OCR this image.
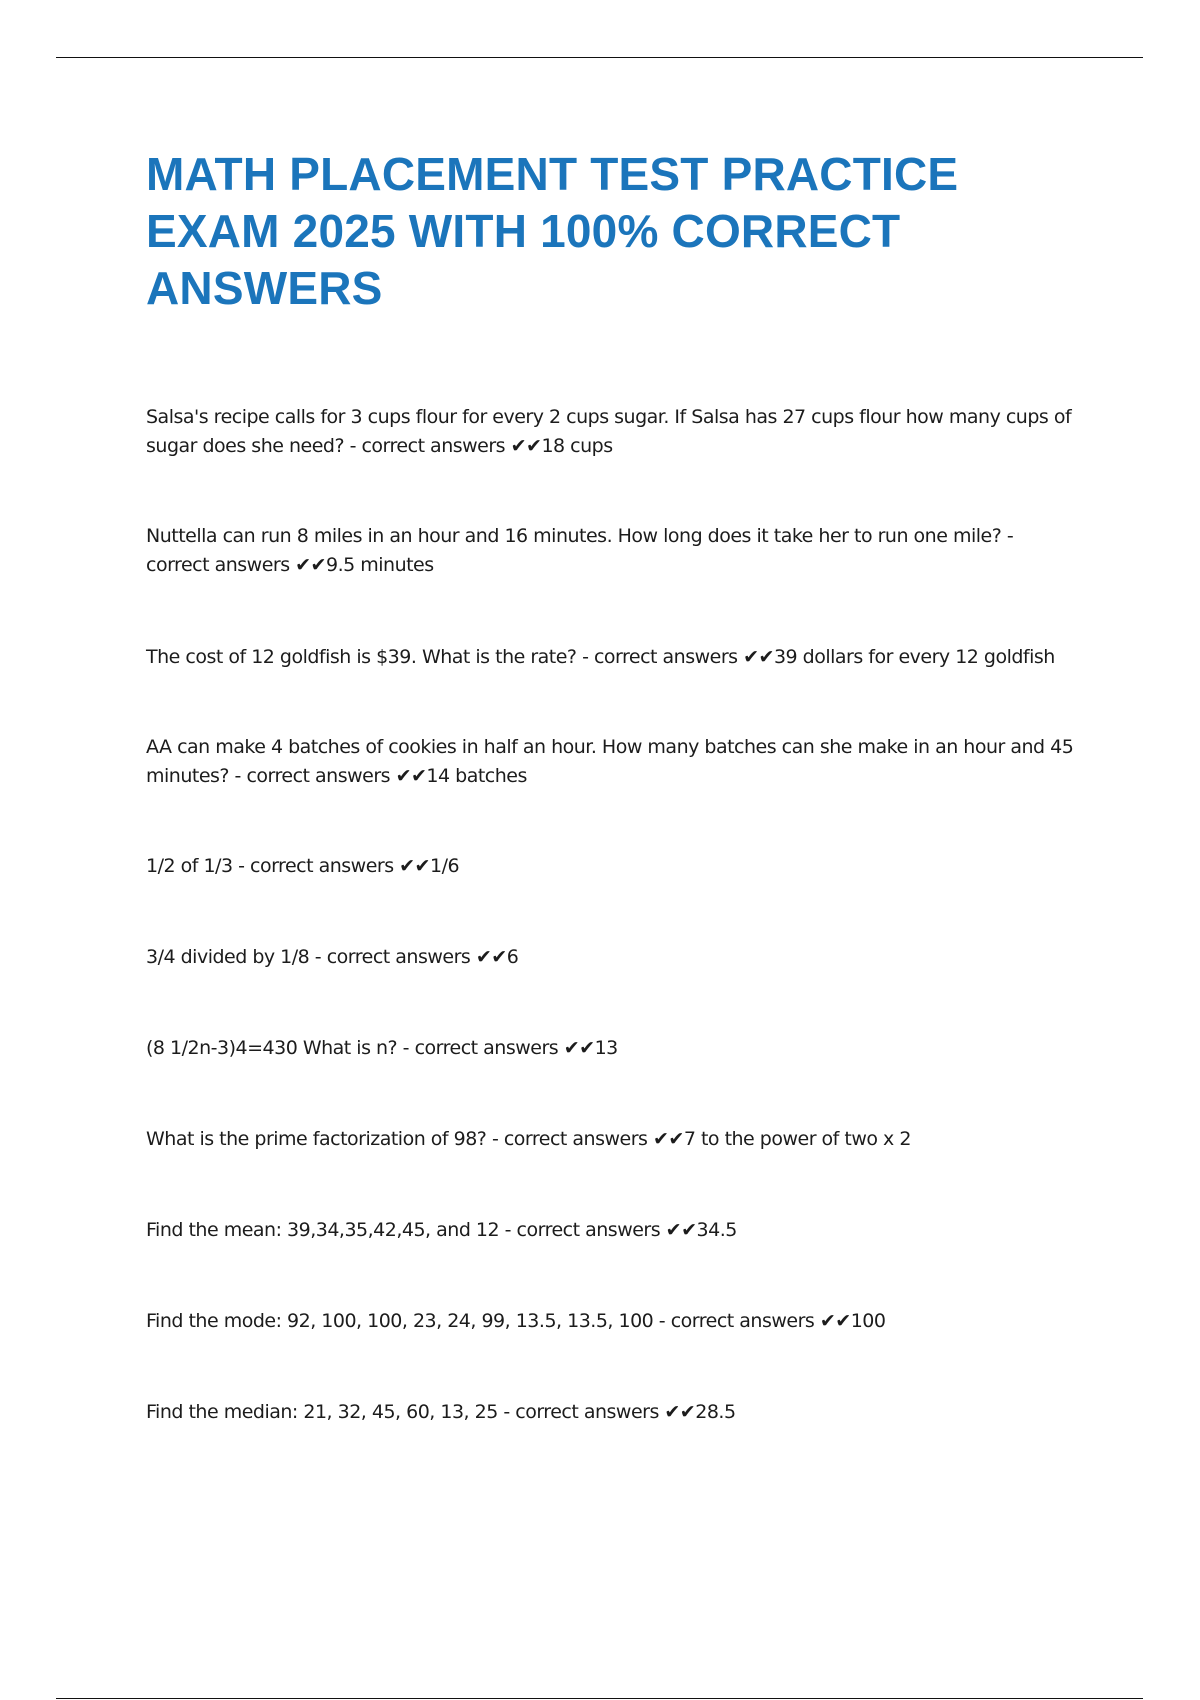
MATH PLACEMENT TEST PRACTICE EXAM 2025 WITH 100% CORRECT ANSWERS

Salsa's recipe calls for 3 cups flour for every 2 cups sugar. If Salsa has 27 cups flour how many cups of sugar does she need? - correct answers ✔✔18 cups

Nuttella can run 8 miles in an hour and 16 minutes. How long does it take her to run one mile? - correct answers ✔✔9.5 minutes

The cost of 12 goldfish is $39. What is the rate? - correct answers ✔✔39 dollars for every 12 goldfish

AA can make 4 batches of cookies in half an hour. How many batches can she make in an hour and 45 minutes? - correct answers ✔✔14 batches

1/2 of 1/3 - correct answers ✔✔1/6

3/4 divided by 1/8 - correct answers ✔✔6

(8 1/2n-3)4=430 What is n? - correct answers ✔✔13

What is the prime factorization of 98? - correct answers ✔✔7 to the power of two x 2

Find the mean: 39,34,35,42,45, and 12 - correct answers ✔✔34.5

Find the mode: 92, 100, 100, 23, 24, 99, 13.5, 13.5, 100 - correct answers ✔✔100

Find the median: 21, 32, 45, 60, 13, 25 - correct answers ✔✔28.5
